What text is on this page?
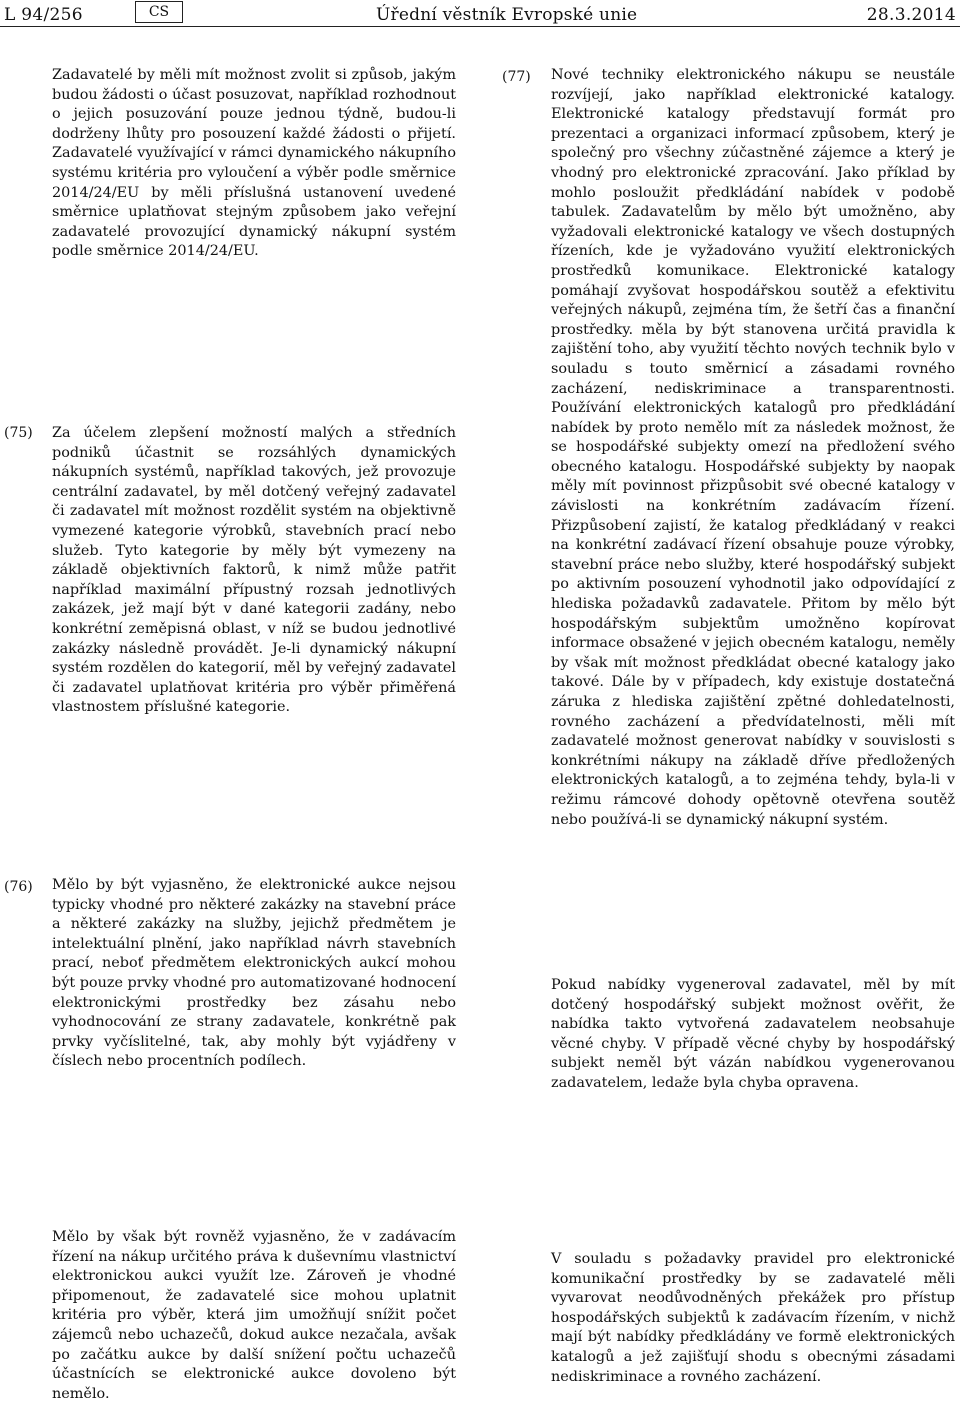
L 94/256	CS	Úřední věstník Evropské unie	28.3.2014

Zadavatelé by měli mít možnost zvolit si způsob, jakým budou žádosti o účast posuzovat, například rozhodnout o jejich posuzování pouze jednou týdně, budou-li dodrženy lhůty pro posouzení každé žádosti o přijetí. Zadavatelé využívající v rámci dynamického nákupního systému kritéria pro vyloučení a výběr podle směrnice 2014/24/EU by měli příslušná ustanovení uvedené směrnice uplatňovat stejným způsobem jako veřejní zadavatelé provozující dynamický nákupní systém podle směrnice 2014/24/EU.

(75) Za účelem zlepšení možností malých a středních podniků účastnit se rozsáhlých dynamických nákupních systémů, například takových, jež provozuje centrální zadavatel, by měl dotčený veřejný zadavatel či zadavatel mít možnost rozdělit systém na objektivně vymezené kategorie výrobků, stavebních prací nebo služeb. Tyto kategorie by měly být vymezeny na základě objektivních faktorů, k nimž může patřit například maximální přípustný rozsah jednotlivých zakázek, jež mají být v dané kategorii zadány, nebo konkrétní zeměpisná oblast, v níž se budou jednotlivé zakázky následně provádět. Je-li dynamický nákupní systém rozdělen do kategorií, měl by veřejný zadavatel či zadavatel uplatňovat kritéria pro výběr přiměřená vlastnostem příslušné kategorie.

(77) Nové techniky elektronického nákupu se neustále rozvíjejí, jako například elektronické katalogy. Elektronické katalogy představují formát pro prezentaci a organizaci informací způsobem, který je společný pro všechny zúčastněné zájemce a který je vhodný pro elektronické zpracování. Jako příklad by mohlo posloužit předkládání nabídek v podobě tabulek. Zadavatelům by mělo být umožněno, aby vyžadovali elektronické katalogy ve všech dostupných řízeních, kde je vyžadováno využití elektronických prostředků komunikace. Elektronické katalogy pomáhají zvyšovat hospodářskou soutěž a efektivitu veřejných nákupů, zejména tím, že šetří čas a finanční prostředky. měla by být stanovena určitá pravidla k zajištění toho, aby využití těchto nových technik bylo v souladu s touto směrnicí a zásadami rovného zacházení, nediskriminace a transparentnosti. Používání elektronických katalogů pro předkládání nabídek by proto nemělo mít za následek možnost, že se hospodářské subjekty omezí na předložení svého obecného katalogu. Hospodářské subjekty by naopak měly mít povinnost přizpůsobit své obecné katalogy v závislosti na konkrétním zadávacím řízení. Přizpůsobení zajistí, že katalog předkládaný v reakci na konkrétní zadávací řízení obsahuje pouze výrobky, stavební práce nebo služby, které hospodářský subjekt po aktivním posouzení vyhodnotil jako odpovídající z hlediska požadavků zadavatele. Přitom by mělo být hospodářským subjektům umožněno kopírovat informace obsažené v jejich obecném katalogu, neměly by však mít možnost předkládat obecné katalogy jako takové. Dále by v případech, kdy existuje dostatečná záruka z hlediska zajištění zpětné dohledatelnosti, rovného zacházení a předvídatelnosti, měli mít zadavatelé možnost generovat nabídky v souvislosti s konkrétními nákupy na základě dříve předložených elektronických katalogů, a to zejména tehdy, byla-li v režimu rámcové dohody opětovně otevřena soutěž nebo používá-li se dynamický nákupní systém.

(76) Mělo by být vyjasněno, že elektronické aukce nejsou typicky vhodné pro některé zakázky na stavební práce a některé zakázky na služby, jejichž předmětem je intelektuální plnění, jako například návrh stavebních prací, neboť předmětem elektronických aukcí mohou být pouze prvky vhodné pro automatizované hodnocení elektronickými prostředky bez zásahu nebo vyhodnocování ze strany zadavatele, konkrétně pak prvky vyčíslitelné, tak, aby mohly být vyjádřeny v číslech nebo procentních podílech.

Pokud nabídky vygeneroval zadavatel, měl by mít dotčený hospodářský subjekt možnost ověřit, že nabídka takto vytvořená zadavatelem neobsahuje věcné chyby. V případě věcné chyby by hospodářský subjekt neměl být vázán nabídkou vygenerovanou zadavatelem, ledaže byla chyba opravena.

Mělo by však být rovněž vyjasněno, že v zadávacím řízení na nákup určitého práva k duševnímu vlastnictví elektronickou aukci využít lze. Zároveň je vhodné připomenout, že zadavatelé sice mohou uplatnit kritéria pro výběr, která jim umožňují snížit počet zájemců nebo uchazečů, dokud aukce nezačala, avšak po začátku aukce by další snížení počtu uchazečů účastnících se elektronické aukce dovoleno být nemělo.

V souladu s požadavky pravidel pro elektronické komunikační prostředky by se zadavatelé měli vyvarovat neodůvodněných překážek pro přístup hospodářských subjektů k zadávacím řízením, v nichž mají být nabídky předkládány ve formě elektronických katalogů a jež zajišťují shodu s obecnými zásadami nediskriminace a rovného zacházení.
